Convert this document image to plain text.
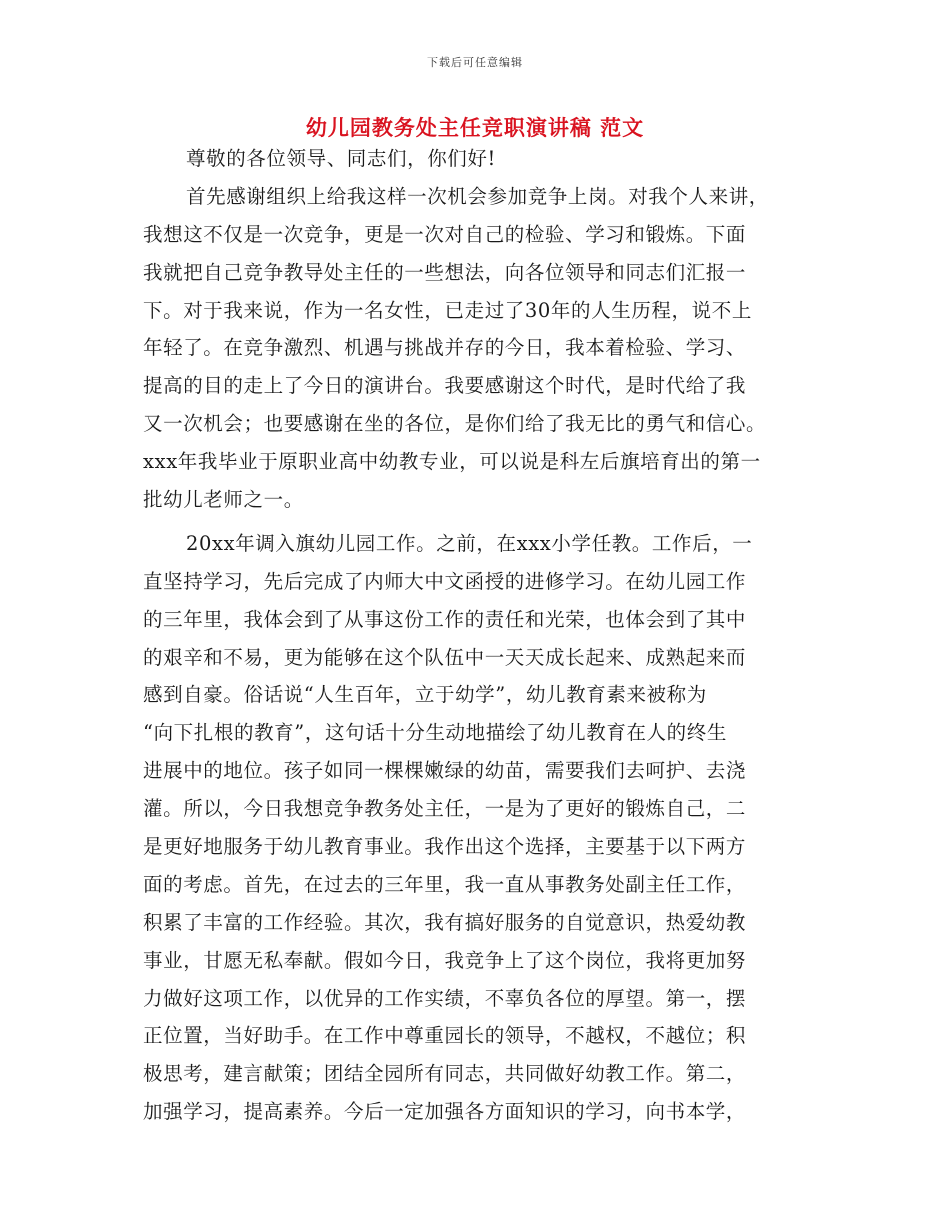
下载后可任意编辑
幼儿园教务处主任竞职演讲稿 范文
尊敬的各位领导、同志们，你们好!
首先感谢组织上给我这样一次机会参加竞争上岗。对我个人来讲，
我想这不仅是一次竞争，更是一次对自己的检验、学习和锻炼。下面
我就把自己竞争教导处主任的一些想法，向各位领导和同志们汇报一
下。对于我来说，作为一名女性，已走过了30年的人生历程，说不上
年轻了。在竞争激烈、机遇与挑战并存的今日，我本着检验、学习、
提高的目的走上了今日的演讲台。我要感谢这个时代，是时代给了我
又一次机会；也要感谢在坐的各位，是你们给了我无比的勇气和信心。
xxx年我毕业于原职业高中幼教专业，可以说是科左后旗培育出的第一
批幼儿老师之一。
20xx年调入旗幼儿园工作。之前，在xxx小学任教。工作后，一
直坚持学习，先后完成了内师大中文函授的进修学习。在幼儿园工作
的三年里，我体会到了从事这份工作的责任和光荣，也体会到了其中
的艰辛和不易，更为能够在这个队伍中一天天成长起来、成熟起来而
感到自豪。俗话说“人生百年，立于幼学”，幼儿教育素来被称为
“向下扎根的教育”，这句话十分生动地描绘了幼儿教育在人的终生
进展中的地位。孩子如同一棵棵嫩绿的幼苗，需要我们去呵护、去浇
灌。所以，今日我想竞争教务处主任，一是为了更好的锻炼自己，二
是更好地服务于幼儿教育事业。我作出这个选择，主要基于以下两方
面的考虑。首先，在过去的三年里，我一直从事教务处副主任工作，
积累了丰富的工作经验。其次，我有搞好服务的自觉意识，热爱幼教
事业，甘愿无私奉献。假如今日，我竞争上了这个岗位，我将更加努
力做好这项工作，以优异的工作实绩，不辜负各位的厚望。第一，摆
正位置，当好助手。在工作中尊重园长的领导，不越权，不越位；积
极思考，建言献策；团结全园所有同志，共同做好幼教工作。第二，
加强学习，提高素养。今后一定加强各方面知识的学习，向书本学，
